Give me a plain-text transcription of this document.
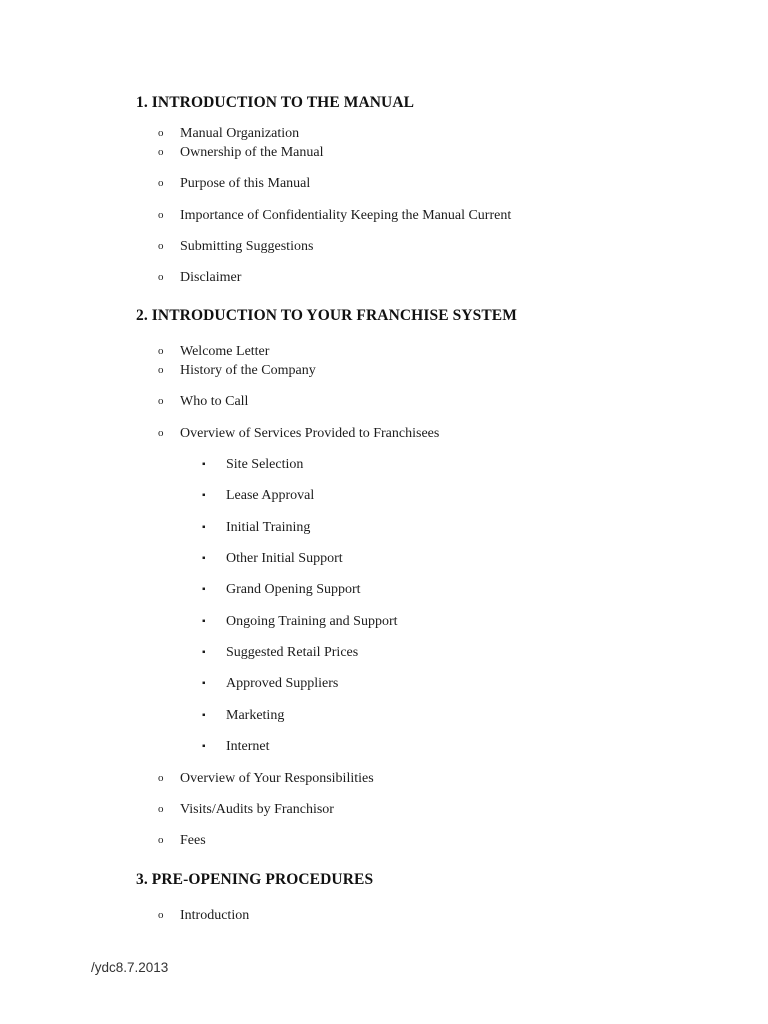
1. INTRODUCTION TO THE MANUAL
o Manual Organization
o Ownership of the Manual
o Purpose of this Manual
o Importance of Confidentiality Keeping the Manual Current
o Submitting Suggestions
o Disclaimer
2. INTRODUCTION TO YOUR FRANCHISE SYSTEM
o Welcome Letter
o History of the Company
o Who to Call
o Overview of Services Provided to Franchisees
▪ Site Selection
▪ Lease Approval
▪ Initial Training
▪ Other Initial Support
▪ Grand Opening Support
▪ Ongoing Training and Support
▪ Suggested Retail Prices
▪ Approved Suppliers
▪ Marketing
▪ Internet
o Overview of Your Responsibilities
o Visits/Audits by Franchisor
o Fees
3. PRE-OPENING PROCEDURES
o Introduction
/ydc8.7.2013
